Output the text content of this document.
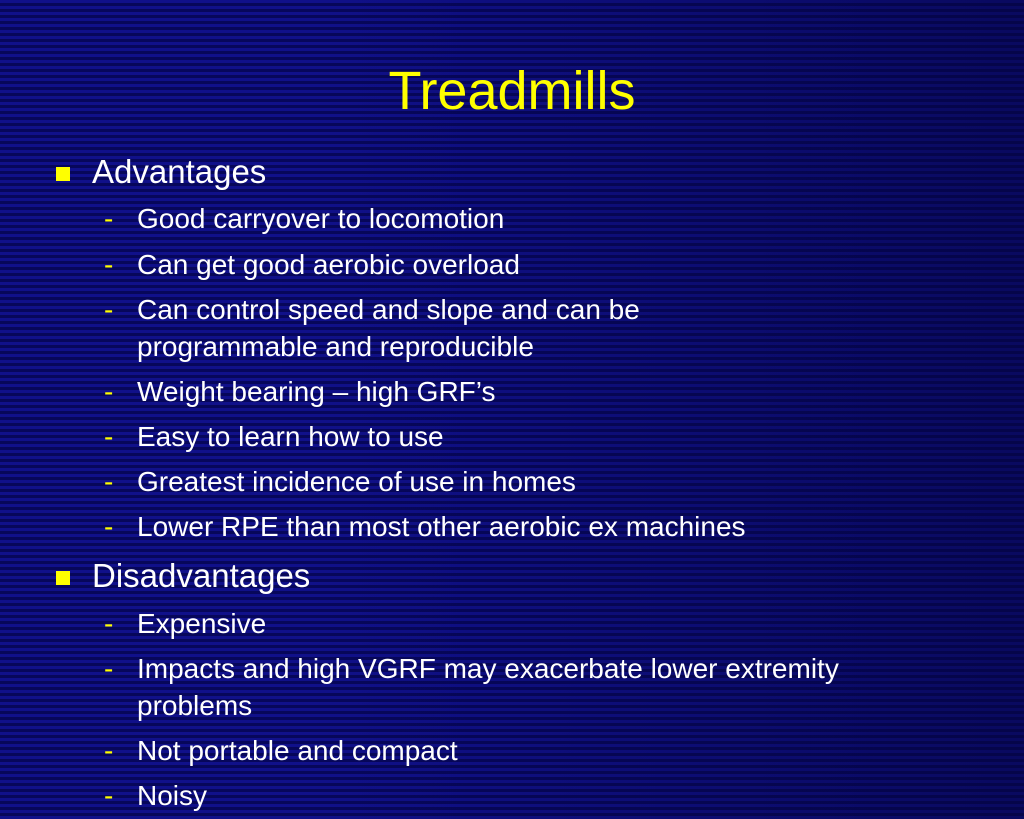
Treadmills
Advantages
- Good carryover to locomotion
- Can get good aerobic overload
- Can control speed and slope and can be programmable and reproducible
- Weight bearing – high GRF’s
- Easy to learn how to use
- Greatest incidence of use in homes
- Lower RPE than most other aerobic ex machines
Disadvantages
- Expensive
- Impacts and high VGRF may exacerbate lower extremity problems
- Not portable and compact
- Noisy
